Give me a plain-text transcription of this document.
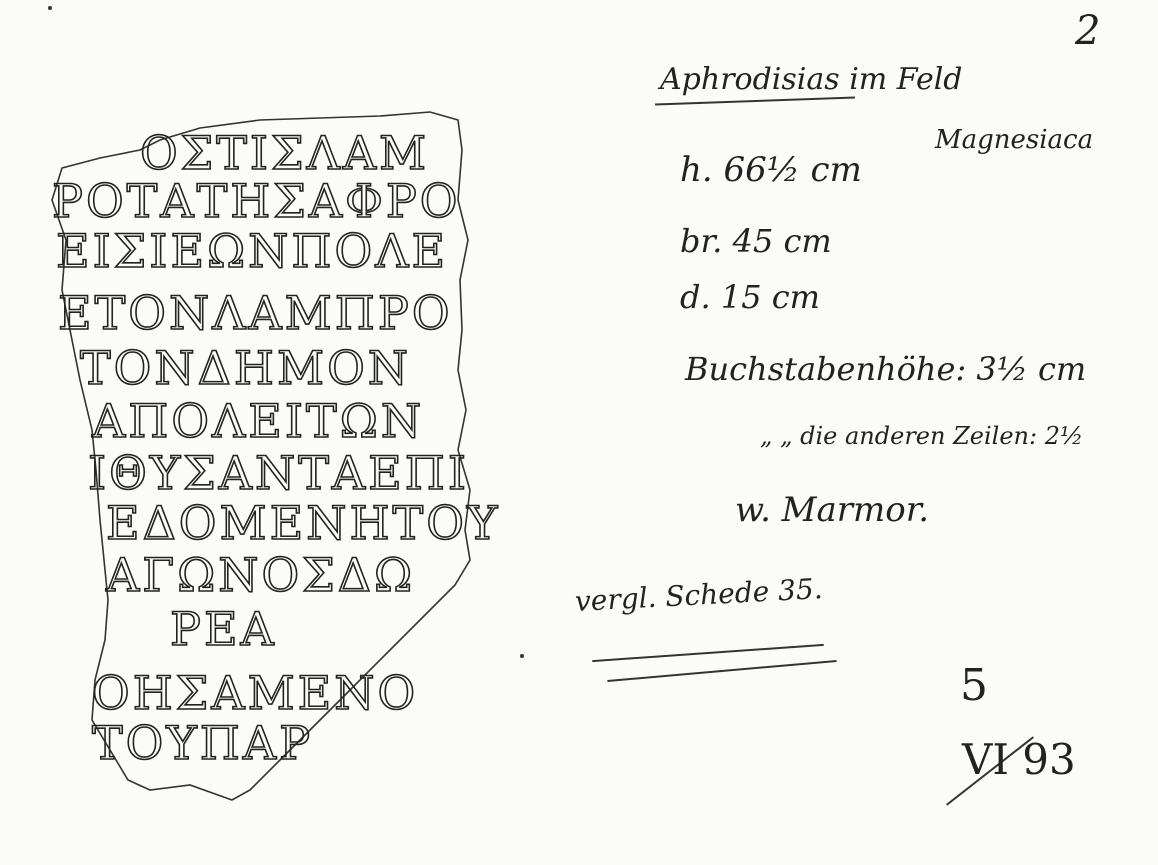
ΟΣΤΙΣΛΑΜ
ΡΟΤΑΤΗΣΑΦΡΟ
ΕΙΣΙΕΩΝΠΟΛΕ
ΕΤΟΝΛΑΜΠΡΟ
ΤΟΝΔΗΜΟΝ
ΑΠΟΛΕΙΤΩΝ
ΙΘΥΣΑΝΤΑΕΠΙ
ΕΔΟΜΕΝΗΤΟΥ
ΑΓΩΝΟΣΔΩ
ΡΕΑ
ΟΗΣΑΜΕΝΟ
ΤΟΥΠΑΡ
Aphrodisias im Feld
Magnesiaca
h. 66½ cm
br. 45 cm
d. 15 cm
Buchstabenhöhe: 3½ cm
„ „ die anderen Zeilen: 2½
w. Marmor.
vergl. Schede 35.
5
VI 93
2
